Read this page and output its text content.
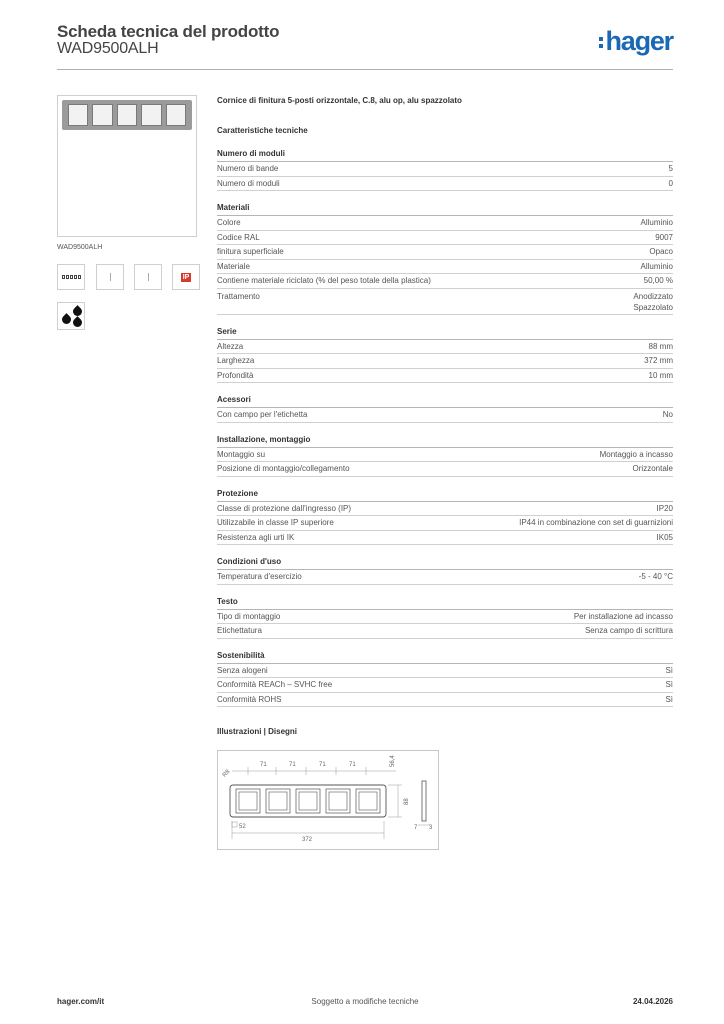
Scheda tecnica del prodotto
WAD9500ALH	hager
WAD9500ALH
IP
Cornice di finitura 5-posti orizzontale, C.8, alu op, alu spazzolato
Caratteristiche tecniche
Numero di moduli
Numero di bande	5
Numero di moduli	0
Materiali
Colore	Alluminio
Codice RAL	9007
finitura superficiale	Opaco
Materiale	Alluminio
Contiene materiale riciclato (% del peso totale della plastica)	50,00 %
Trattamento	Anodizzato
Spazzolato
Serie
Altezza	88 mm
Larghezza	372 mm
Profondità	10 mm
Acessori
Con campo per l'etichetta	No
Installazione, montaggio
Montaggio su	Montaggio a incasso
Posizione di montaggio/collegamento	Orizzontale
Protezione
Classe di protezione dall'ingresso (IP)	IP20
Utilizzabile in classe IP superiore	IP44 in combinazione con set di guarnizioni
Resistenza agli urti IK	IK05
Condizioni d'uso
Temperatura d'esercizio	-5 - 40 °C
Testo
Tipo di montaggio	Per installazione ad incasso
Etichettatura	Senza campo di scrittura
Sostenibilità
Senza alogeni	Sì
Conformità REACh – SVHC free	Sì
Conformità ROHS	Sì
Illustrazioni | Disegni
71	71	71	71
R8
56,4
88
7 3
372
52
hager.com/it	Soggetto a modifiche tecniche	24.04.2026
